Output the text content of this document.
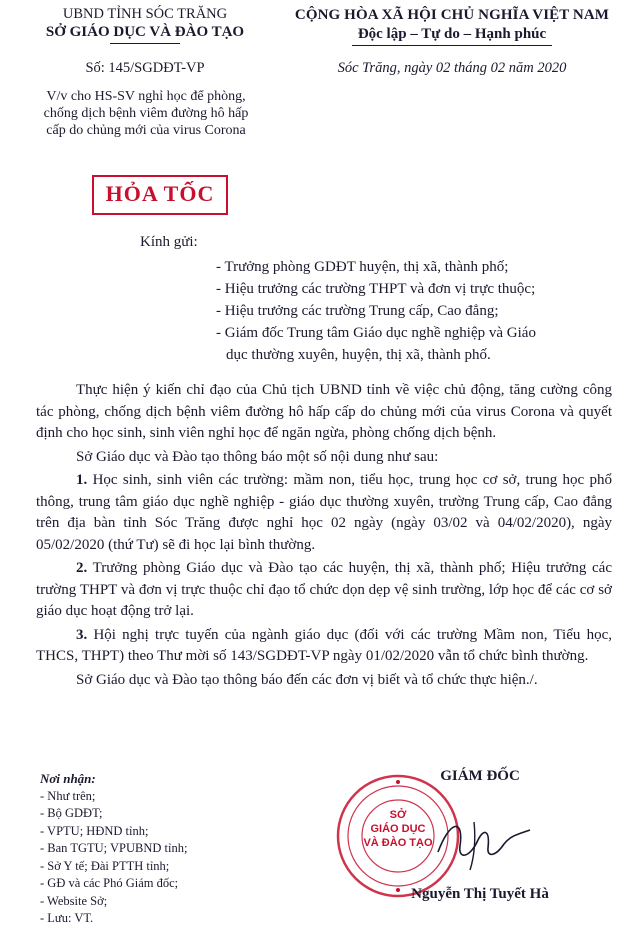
UBND TỈNH SÓC TRĂNG
SỞ GIÁO DỤC VÀ ĐÀO TẠO
CỘNG HÒA XÃ HỘI CHỦ NGHĨA VIỆT NAM
Độc lập – Tự do – Hạnh phúc
Số: 145/SGDĐT-VP	Sóc Trăng, ngày 02 tháng 02 năm 2020
V/v cho HS-SV nghỉ học để phòng, chống dịch bệnh viêm đường hô hấp cấp do chủng mới của virus Corona
HỎA TỐC
Kính gửi:
- Trưởng phòng GDĐT huyện, thị xã, thành phố;
- Hiệu trưởng các trường THPT và đơn vị trực thuộc;
- Hiệu trưởng các trường Trung cấp, Cao đẳng;
- Giám đốc Trung tâm Giáo dục nghề nghiệp và Giáo
dục thường xuyên, huyện, thị xã, thành phố.

Thực hiện ý kiến chỉ đạo của Chủ tịch UBND tỉnh về việc chủ động, tăng cường công tác phòng, chống dịch bệnh viêm đường hô hấp cấp do chủng mới của virus Corona và quyết định cho học sinh, sinh viên nghỉ học để ngăn ngừa, phòng chống dịch bệnh.

Sở Giáo dục và Đào tạo thông báo một số nội dung như sau:

1. Học sinh, sinh viên các trường: mầm non, tiểu học, trung học cơ sở, trung học phổ thông, trung tâm giáo dục nghề nghiệp - giáo dục thường xuyên, trường Trung cấp, Cao đẳng trên địa bàn tỉnh Sóc Trăng được nghỉ học 02 ngày (ngày 03/02 và 04/02/2020), ngày 05/02/2020 (thứ Tư) sẽ đi học lại bình thường.

2. Trưởng phòng Giáo dục và Đào tạo các huyện, thị xã, thành phố; Hiệu trưởng các trường THPT và đơn vị trực thuộc chỉ đạo tổ chức dọn dẹp vệ sinh trường, lớp học để các cơ sở giáo dục hoạt động trở lại.

3. Hội nghị trực tuyến của ngành giáo dục (đối với các trường Mầm non, Tiểu học, THCS, THPT) theo Thư mời số 143/SGDĐT-VP ngày 01/02/2020 vẫn tổ chức bình thường.

Sở Giáo dục và Đào tạo thông báo đến các đơn vị biết và tổ chức thực hiện./.

Nơi nhận:
- Như trên;
- Bộ GDĐT;
- VPTU; HĐND tỉnh;
- Ban TGTU; VPUBND tỉnh;
- Sở Y tế; Đài PTTH tỉnh;
- GĐ và các Phó Giám đốc;
- Website Sở;
- Lưu: VT.
GIÁM ĐỐC
SỞ
GIÁO DỤC
VÀ ĐÀO TẠO
Nguyễn Thị Tuyết Hà
